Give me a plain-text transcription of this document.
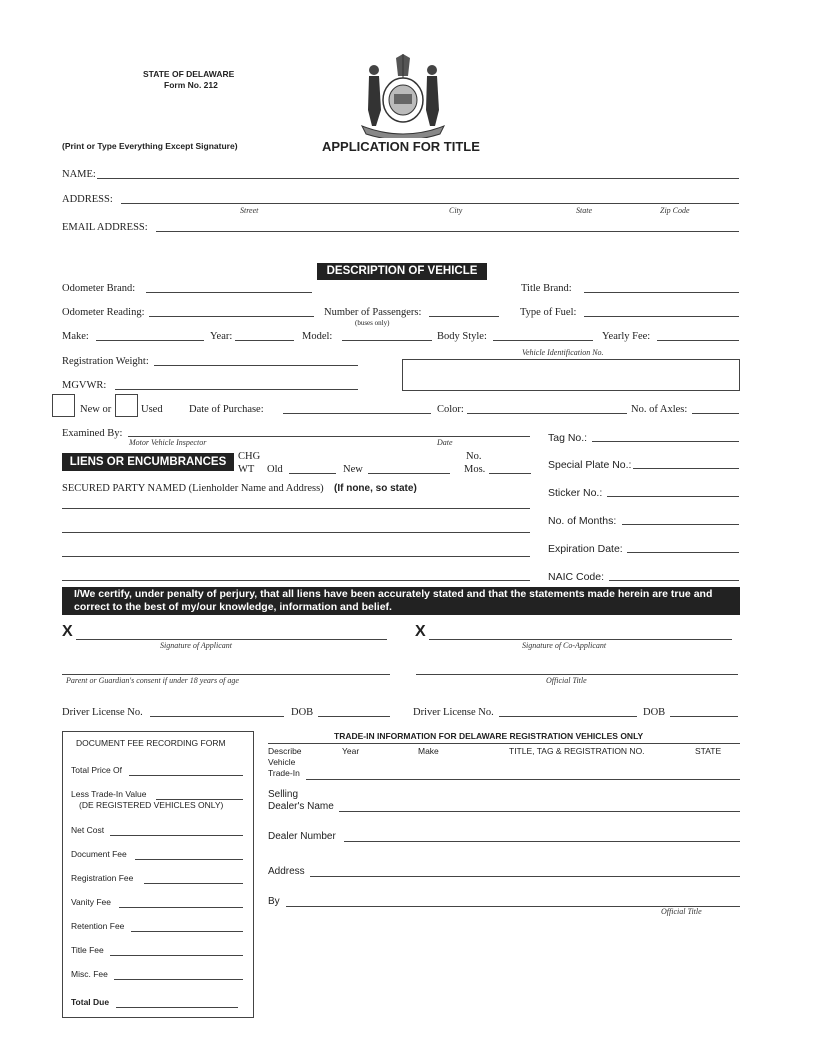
STATE OF DELAWARE
Form No. 212
(Print or Type Everything Except Signature)	APPLICATION FOR TITLE
NAME:
ADDRESS:
Street	City	State	Zip Code
EMAIL ADDRESS:
DESCRIPTION OF VEHICLE
Odometer Brand:	Title Brand:
Odometer Reading:	Number of Passengers:
(buses only)
Type of Fuel:
Make:	Year:	Model:	Body Style:	Yearly Fee:
Vehicle Identification No.
Registration Weight:
MGVWR:
New or	Used	Date of Purchase:	Color:	No. of Axles:
Examined By:
Motor Vehicle Inspector	Date
LIENS OR ENCUMBRANCES	CHG
WT Old	New
No.
Mos.
SECURED PARTY NAMED (Lienholder Name and Address) (If none, so state)
Tag No.:
Special Plate No.:
Sticker No.:
No. of Months:
Expiration Date:
NAIC Code:
I/We certify, under penalty of perjury, that all liens have been accurately stated and that the statements made herein are true and
correct to the best of my/our knowledge, information and belief.
X
Signature of Applicant
X
Signature of Co-Applicant
Parent or Guardian's consent if under 18 years of age	Official Title
Driver License No.	DOB	Driver License No.	DOB
DOCUMENT FEE RECORDING FORM
Total Price Of
Less Trade-In Value
(DE REGISTERED VEHICLES ONLY)
Net Cost
Document Fee
Registration Fee
Vanity Fee
Retention Fee
Title Fee
Misc. Fee
Total Due
TRADE-IN INFORMATION FOR DELAWARE REGISTRATION VEHICLES ONLY
Describe
Vehicle
Trade-In
Year	Make	TITLE, TAG & REGISTRATION NO.	STATE
Selling
Dealer's Name
Dealer Number
Address
By
Official Title
